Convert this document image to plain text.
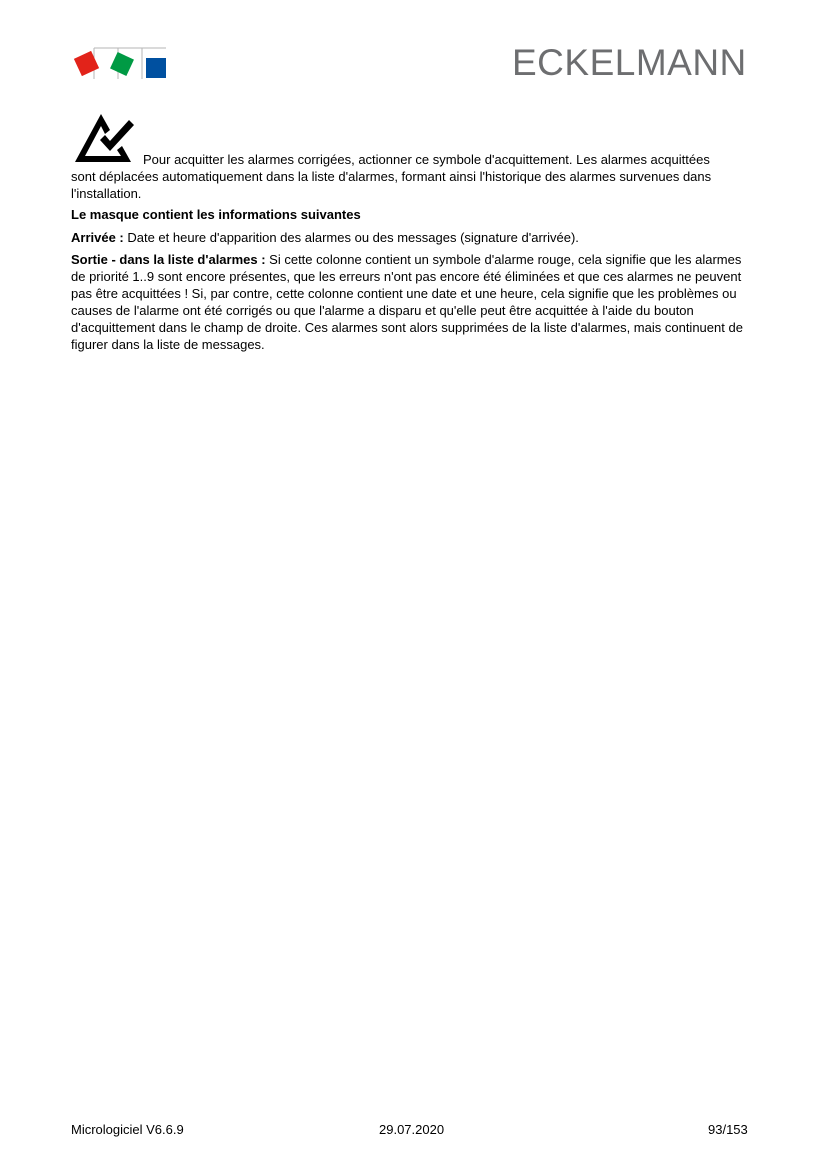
ECKELMANN
Pour acquitter les alarmes corrigées, actionner ce symbole d'acquittement. Les alarmes acquittées
sont déplacées automatiquement dans la liste d'alarmes, formant ainsi l'historique des alarmes survenues dans l'installation.
Le masque contient les informations suivantes
Arrivée : Date et heure d'apparition des alarmes ou des messages (signature d'arrivée).
Sortie - dans la liste d'alarmes : Si cette colonne contient un symbole d'alarme rouge, cela signifie que les alarmes de priorité 1..9 sont encore présentes, que les erreurs n'ont pas encore été éliminées et que ces alarmes ne peuvent pas être acquittées ! Si, par contre, cette colonne contient une date et une heure, cela signifie que les problèmes ou causes de l'alarme ont été corrigés ou que l'alarme a disparu et qu'elle peut être acquittée à l'aide du bouton d'acquittement dans le champ de droite. Ces alarmes sont alors supprimées de la liste d'alarmes, mais continuent de figurer dans la liste de messages.
Micrologiciel V6.6.9	29.07.2020	93/153
